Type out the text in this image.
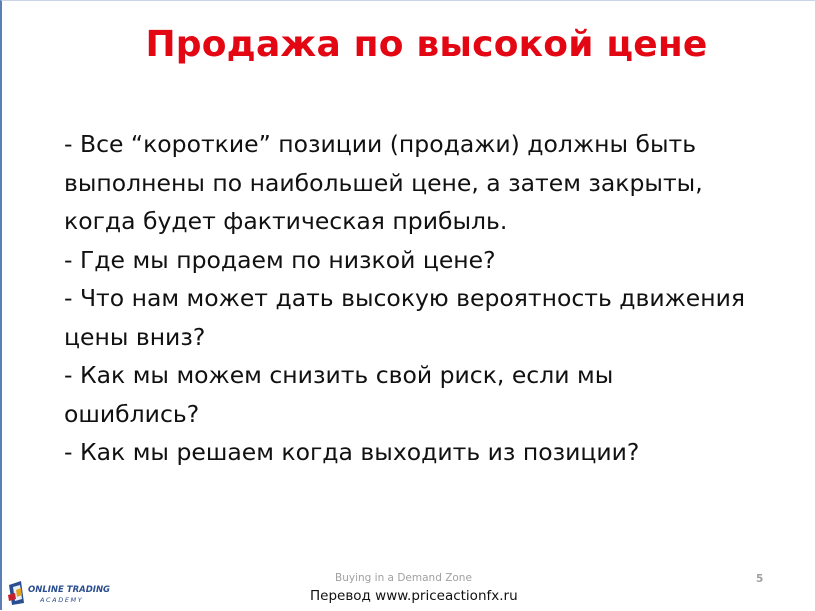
Продажа по высокой цене
- Все “короткие” позиции (продажи) должны быть
выполнены по наибольшей цене, а затем закрыты,
когда будет фактическая прибыль.
- Где мы продаем по низкой цене?
- Что нам может дать высокую вероятность движения
цены вниз?
- Как мы можем снизить свой риск, если мы
ошиблись?
- Как мы решаем когда выходить из позиции?
ONLINE TRADING
ACADEMY
Buying in a Demand Zone	5
Перевод www.priceactionfx.ru
